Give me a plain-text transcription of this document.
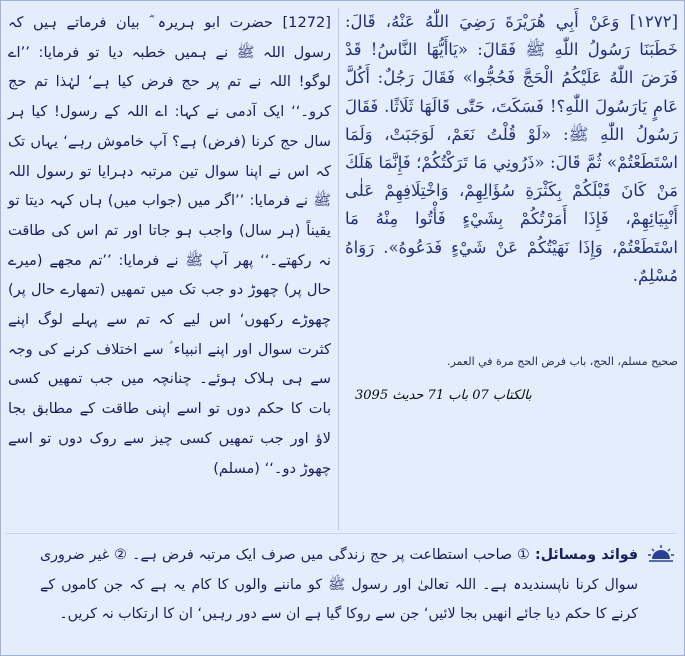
[١٢٧٢] وَعَنْ أَبِي هُرَيْرَةَ رَضِيَ اللّٰهُ عَنْهُ، قَالَ: خَطَبَنَا رَسُولُ اللّٰهِ ﷺ فَقَالَ: «يَاأَيُّهَا النَّاسُ! قَدْ فَرَضَ اللّٰهُ عَلَيْكُمُ الْحَجَّ فَحُجُّوا» فَقَالَ رَجُلٌ: أَكُلَّ عَامٍ يَارَسُولَ اللّٰهِ؟! فَسَكَتَ، حَتّٰى قَالَهَا ثَلَاثًا. فَقَالَ رَسُولُ اللّٰهِ ﷺ: «لَوْ قُلْتُ نَعَمْ، لَوَجَبَتْ، وَلَمَا اسْتَطَعْتُمْ» ثُمَّ قَالَ: «ذَرُونِي مَا تَرَكْتُكُمْ؛ فَإِنَّمَا هَلَكَ مَنْ كَانَ قَبْلَكُمْ بِكَثْرَةِ سُؤَالِهِمْ، وَاخْتِلَافِهِمْ عَلٰى أَنْبِيَائِهِمْ، فَإِذَا أَمَرْتُكُمْ بِشَيْءٍ فَأْتُوا مِنْهُ مَا اسْتَطَعْتُمْ، وَإِذَا نَهَيْتُكُمْ عَنْ شَيْءٍ فَدَعُوهُ». رَوَاهُ مُسْلِمٌ.

[1272] حضرت ابو ہریرہ ؓ بیان فرماتے ہیں کہ رسول اللہ ﷺ نے ہمیں خطبہ دیا تو فرمایا: ’’اے لوگو! اللہ نے تم پر حج فرض کیا ہے‘ لہٰذا تم حج کرو۔‘‘ ایک آدمی نے کہا: اے اللہ کے رسول! کیا ہر سال حج کرنا (فرض) ہے؟ آپ خاموش رہے‘ یہاں تک کہ اس نے اپنا سوال تین مرتبہ دہرایا تو رسول اللہ ﷺ نے فرمایا: ’’اگر میں (جواب میں) ہاں کہہ دیتا تو یقیناً (ہر سال) واجب ہو جاتا اور تم اس کی طاقت نہ رکھتے۔‘‘ پھر آپ ﷺ نے فرمایا: ’’تم مجھے (میرے حال پر) چھوڑ دو جب تک میں تمھیں (تمھارے حال پر) چھوڑے رکھوں‘ اس لیے کہ تم سے پہلے لوگ اپنے کثرت سوال اور اپنے انبیاء ؑ سے اختلاف کرنے کی وجہ سے ہی ہلاک ہوئے۔ چنانچہ میں جب تمھیں کسی بات کا حکم دوں تو اسے اپنی طاقت کے مطابق بجا لاؤ اور جب تمھیں کسی چیز سے روک دوں تو اسے چھوڑ دو۔‘‘ (مسلم)

صحيح مسلم، الحج، باب فرض الحج مرة في العمر.
بالكتاب 07 باب 71 حديث 3095
فوائد ومسائل: ① صاحب استطاعت پر حج زندگی میں صرف ایک مرتبہ فرض ہے۔ ② غیر ضروری سوال کرنا ناپسندیدہ ہے۔ اللہ تعالیٰ اور رسول ﷺ کو ماننے والوں کا کام یہ ہے کہ جن کاموں کے کرنے کا حکم دیا جائے انھیں بجا لائیں‘ جن سے روکا گیا ہے ان سے دور رہیں‘ ان کا ارتکاب نہ کریں۔
